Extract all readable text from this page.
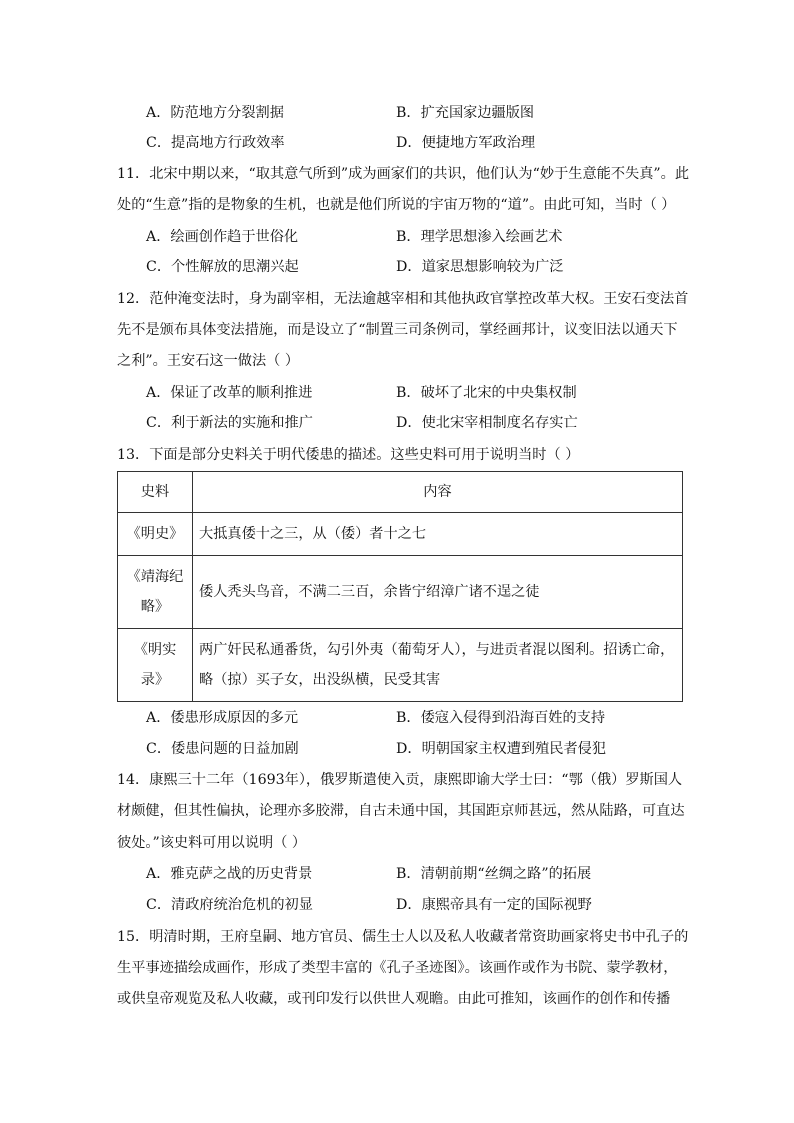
A．防范地方分裂割据	B．扩充国家边疆版图
C．提高地方行政效率	D．便捷地方军政治理
11．北宋中期以来，“取其意气所到”成为画家们的共识，他们认为“妙于生意能不失真”。此
处的“生意”指的是物象的生机，也就是他们所说的宇宙万物的“道”。由此可知，当时（ ）
A．绘画创作趋于世俗化	B．理学思想渗入绘画艺术
C．个性解放的思潮兴起	D．道家思想影响较为广泛
12．范仲淹变法时，身为副宰相，无法逾越宰相和其他执政官掌控改革大权。王安石变法首
先不是颁布具体变法措施，而是设立了“制置三司条例司，掌经画邦计，议变旧法以通天下
之利”。王安石这一做法（ ）
A．保证了改革的顺利推进	B．破坏了北宋的中央集权制
C．利于新法的实施和推广	D．使北宋宰相制度名存实亡
13．下面是部分史料关于明代倭患的描述。这些史料可用于说明当时（ ）
史料	内容
《明史》	大抵真倭十之三，从（倭）者十之七
《靖海纪略》	倭人秃头鸟音，不满二三百，余皆宁绍漳广诸不逞之徒
《明实录》	两广奸民私通番货，勾引外夷（葡萄牙人），与进贡者混以图利。招诱亡命，略（掠）买子女，出没纵横，民受其害
A．倭患形成原因的多元	B．倭寇入侵得到沿海百姓的支持
C．倭患问题的日益加剧	D．明朝国家主权遭到殖民者侵犯
14．康熙三十二年（1693年），俄罗斯遣使入贡，康熙即谕大学士曰：“鄂（俄）罗斯国人
材颇健，但其性偏执，论理亦多胶滞，自古未通中国，其国距京师甚远，然从陆路，可直达
彼处。”该史料可用以说明（ ）
A．雅克萨之战的历史背景	B．清朝前期“丝绸之路”的拓展
C．清政府统治危机的初显	D．康熙帝具有一定的国际视野
15．明清时期，王府皇嗣、地方官员、儒生士人以及私人收藏者常资助画家将史书中孔子的
生平事迹描绘成画作，形成了类型丰富的《孔子圣迹图》。该画作或作为书院、蒙学教材，
或供皇帝观览及私人收藏，或刊印发行以供世人观瞻。由此可推知，该画作的创作和传播
